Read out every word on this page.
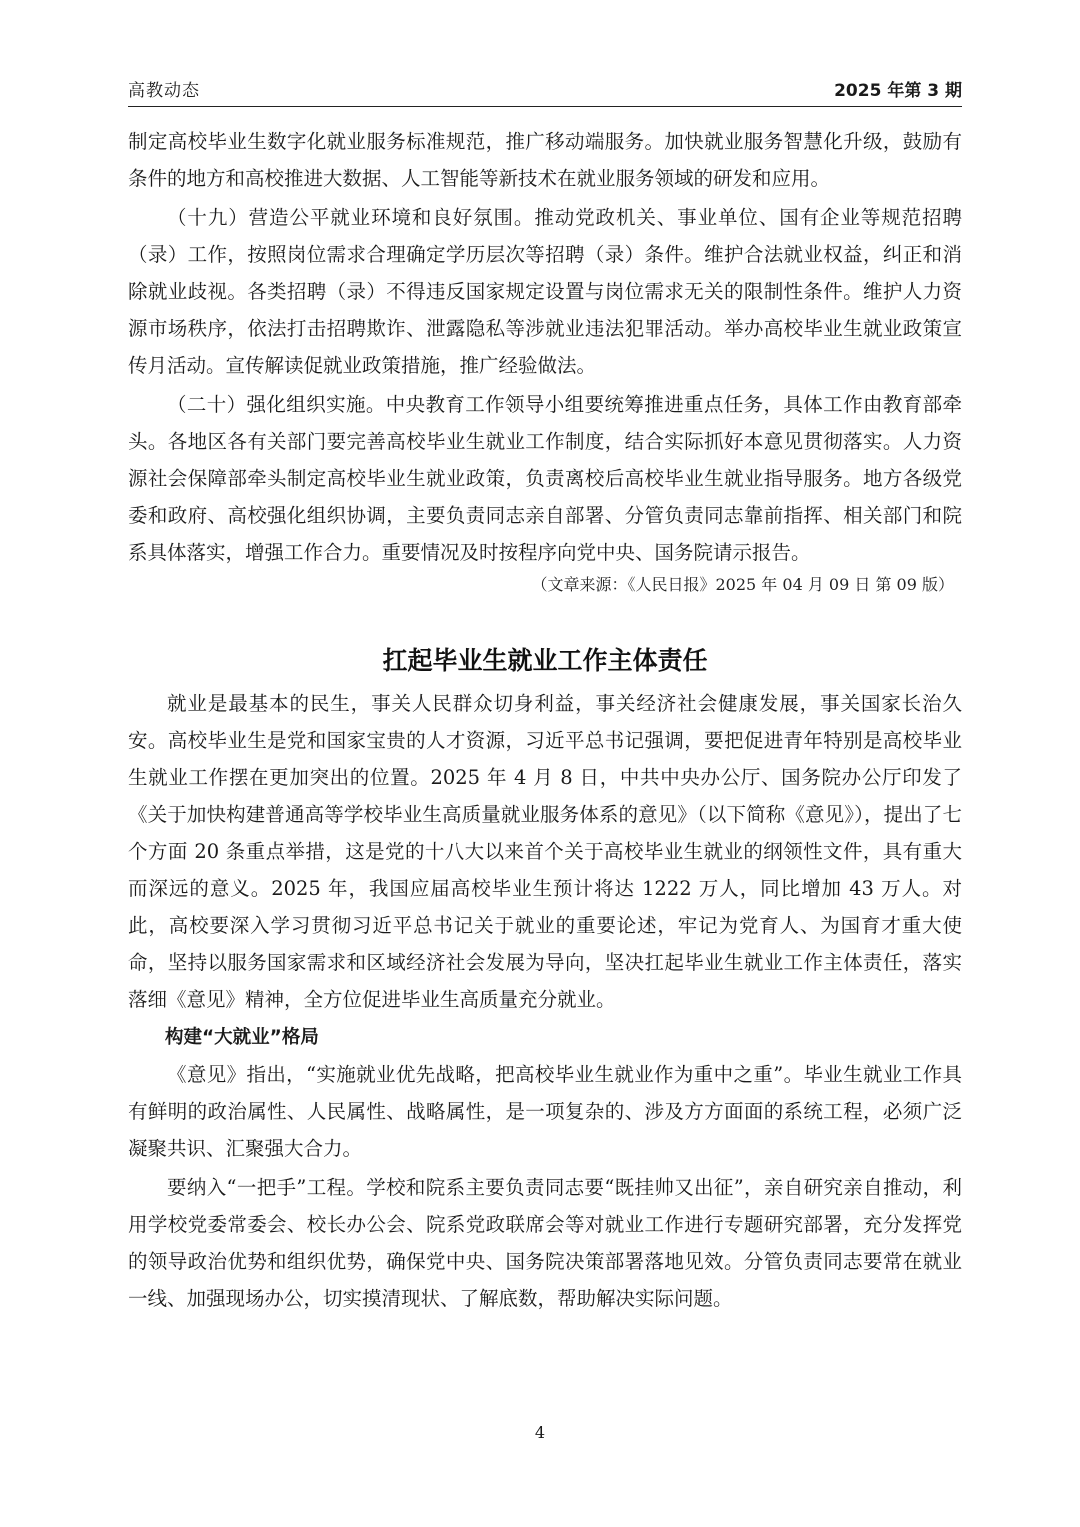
高教动态	2025 年第 3 期

制定高校毕业生数字化就业服务标准规范，推广移动端服务。加快就业服务智慧化升级，鼓励有条件的地方和高校推进大数据、人工智能等新技术在就业服务领域的研发和应用。

（十九）营造公平就业环境和良好氛围。推动党政机关、事业单位、国有企业等规范招聘（录）工作，按照岗位需求合理确定学历层次等招聘（录）条件。维护合法就业权益，纠正和消除就业歧视。各类招聘（录）不得违反国家规定设置与岗位需求无关的限制性条件。维护人力资源市场秩序，依法打击招聘欺诈、泄露隐私等涉就业违法犯罪活动。举办高校毕业生就业政策宣传月活动。宣传解读促就业政策措施，推广经验做法。

（二十）强化组织实施。中央教育工作领导小组要统筹推进重点任务，具体工作由教育部牵头。各地区各有关部门要完善高校毕业生就业工作制度，结合实际抓好本意见贯彻落实。人力资源社会保障部牵头制定高校毕业生就业政策，负责离校后高校毕业生就业指导服务。地方各级党委和政府、高校强化组织协调，主要负责同志亲自部署、分管负责同志靠前指挥、相关部门和院系具体落实，增强工作合力。重要情况及时按程序向党中央、国务院请示报告。

（文章来源：《人民日报》2025 年 04 月 09 日 第 09 版）

扛起毕业生就业工作主体责任

就业是最基本的民生，事关人民群众切身利益，事关经济社会健康发展，事关国家长治久安。高校毕业生是党和国家宝贵的人才资源，习近平总书记强调，要把促进青年特别是高校毕业生就业工作摆在更加突出的位置。2025 年 4 月 8 日，中共中央办公厅、国务院办公厅印发了《关于加快构建普通高等学校毕业生高质量就业服务体系的意见》（以下简称《意见》），提出了七个方面 20 条重点举措，这是党的十八大以来首个关于高校毕业生就业的纲领性文件，具有重大而深远的意义。2025 年，我国应届高校毕业生预计将达 1222 万人，同比增加 43 万人。对此，高校要深入学习贯彻习近平总书记关于就业的重要论述，牢记为党育人、为国育才重大使命，坚持以服务国家需求和区域经济社会发展为导向，坚决扛起毕业生就业工作主体责任，落实落细《意见》精神，全方位促进毕业生高质量充分就业。

构建“大就业”格局

《意见》指出，“实施就业优先战略，把高校毕业生就业作为重中之重”。毕业生就业工作具有鲜明的政治属性、人民属性、战略属性，是一项复杂的、涉及方方面面的系统工程，必须广泛凝聚共识、汇聚强大合力。

要纳入“一把手”工程。学校和院系主要负责同志要“既挂帅又出征”，亲自研究亲自推动，利用学校党委常委会、校长办公会、院系党政联席会等对就业工作进行专题研究部署，充分发挥党的领导政治优势和组织优势，确保党中央、国务院决策部署落地见效。分管负责同志要常在就业一线、加强现场办公，切实摸清现状、了解底数，帮助解决实际问题。

4
